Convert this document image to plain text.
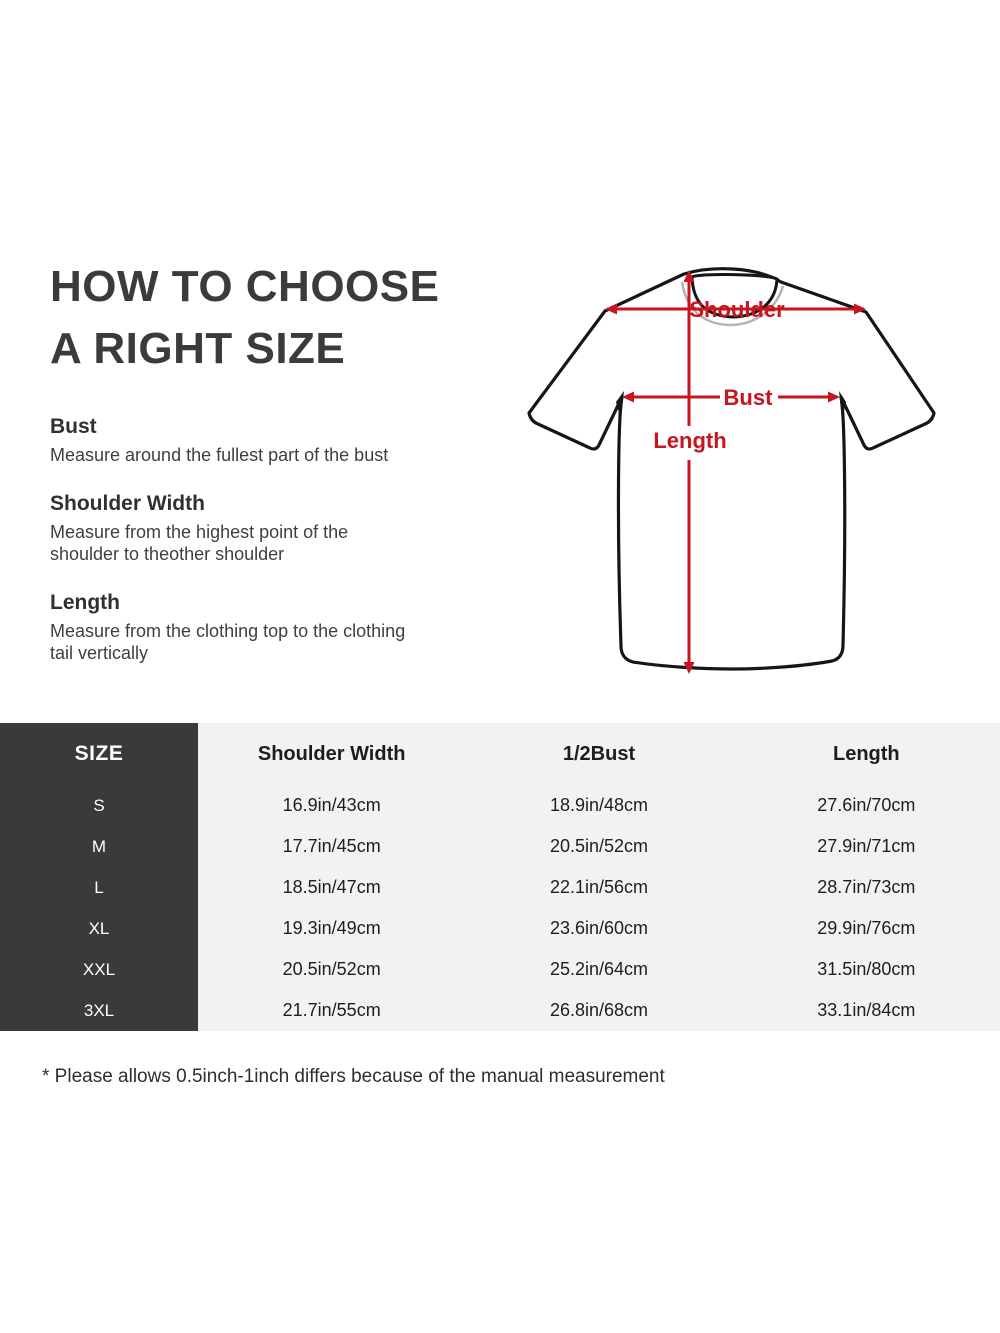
HOW TO CHOOSE
A RIGHT SIZE
Bust

Measure around the fullest part of the bust

Shoulder Width

Measure from the highest point of the shoulder to theother shoulder

Length

Measure from the clothing top to the clothing tail vertically

Shoulder
Bust
Length
SIZE	Shoulder Width	1/2Bust	Length
S	16.9in/43cm	18.9in/48cm	27.6in/70cm
M	17.7in/45cm	20.5in/52cm	27.9in/71cm
L	18.5in/47cm	22.1in/56cm	28.7in/73cm
XL	19.3in/49cm	23.6in/60cm	29.9in/76cm
XXL	20.5in/52cm	25.2in/64cm	31.5in/80cm
3XL	21.7in/55cm	26.8in/68cm	33.1in/84cm

* Please allows 0.5inch-1inch differs because of the manual measurement
